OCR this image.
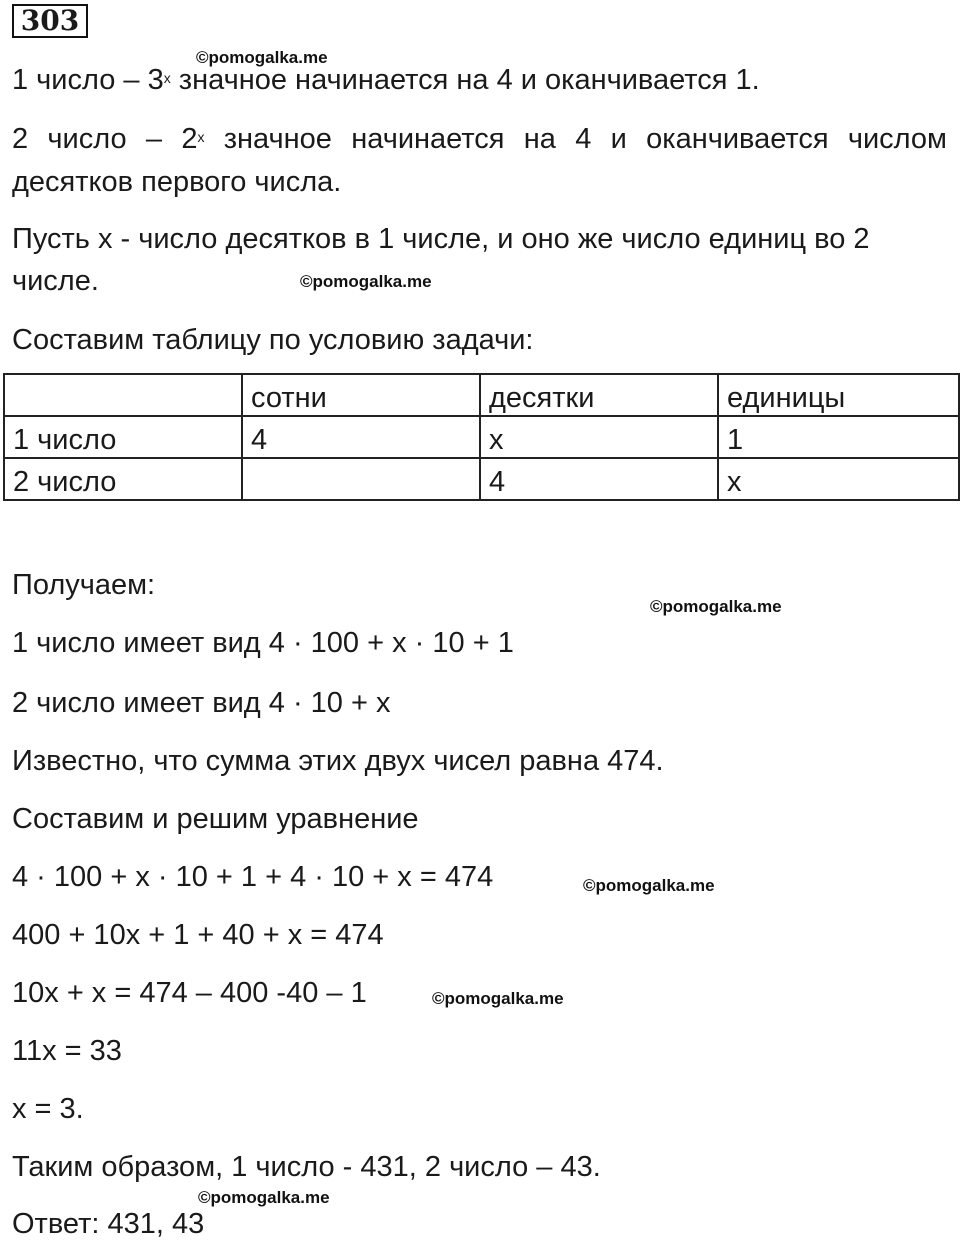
303
©pomogalka.me
1 число – $3^х$ значное начинается на 4 и оканчивается 1.
2 число – $2^х$ значное начинается на 4 и оканчивается числом
десятков первого числа.
Пусть х - число десятков в 1 числе, и оно же число единиц во 2
числе.	©pomogalka.me
Составим таблицу по условию задачи:
	сотни	десятки	единицы
1 число	4	х	1
2 число		4	х
Получаем:
©pomogalka.me
1 число имеет вид 4 · 100 + х · 10 + 1
2 число имеет вид 4 · 10 + х
Известно, что сумма этих двух чисел равна 474.
Составим и решим уравнение
4 · 100 + х · 10 + 1 + 4 · 10 + х = 474	©pomogalka.me
400 + 10х + 1 + 40 + х = 474
10х + х = 474 – 400 -40 – 1	©pomogalka.me
11х = 33
х = 3.
Таким образом, 1 число - 431, 2 число – 43.
©pomogalka.me
Ответ: 431, 43
